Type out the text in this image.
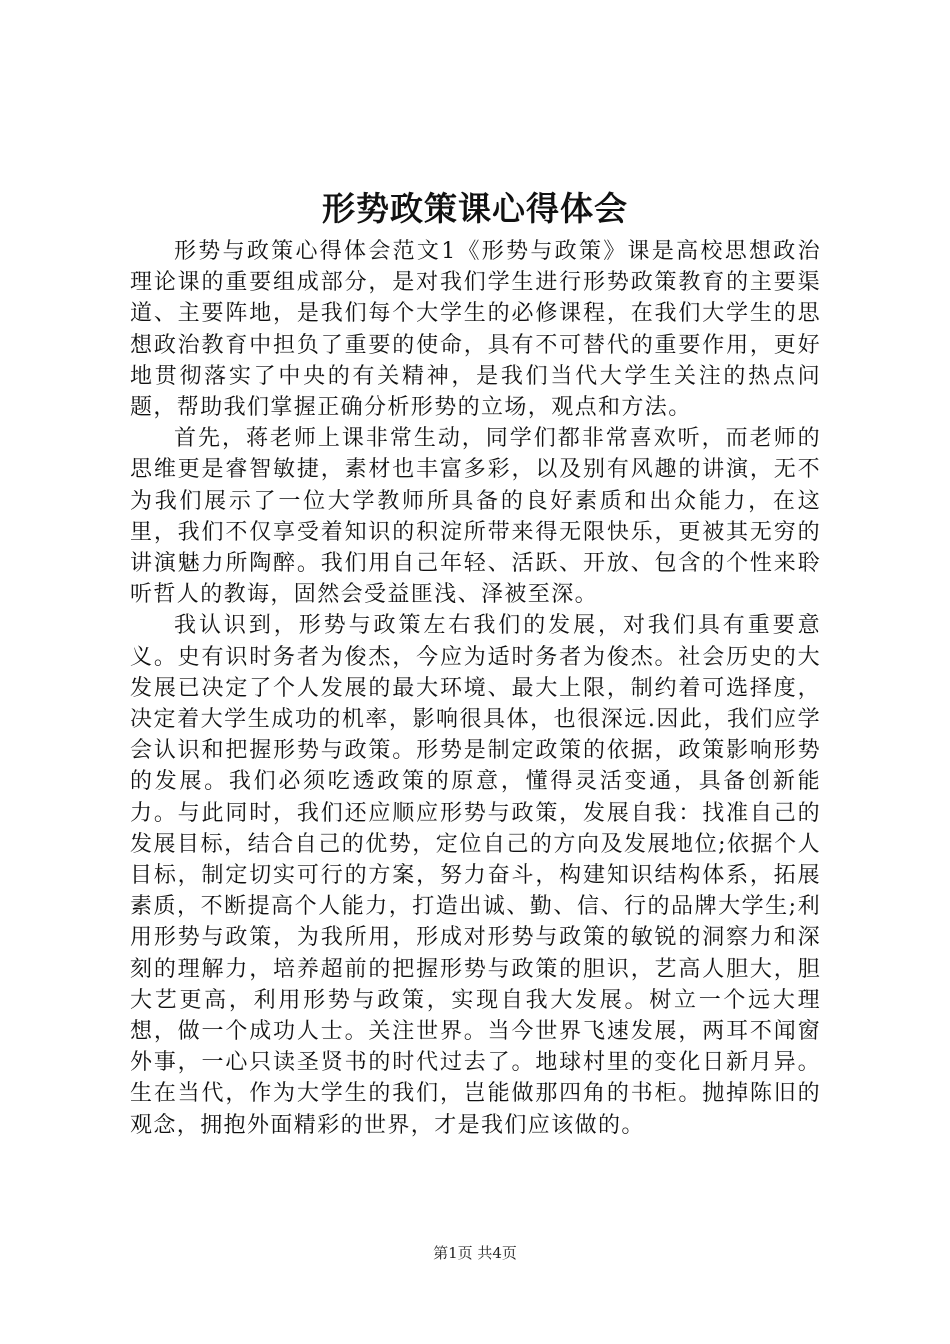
形势政策课心得体会

形势与政策心得体会范文1《形势与政策》课是高校思想政治理论课的重要组成部分，是对我们学生进行形势政策教育的主要渠道、主要阵地，是我们每个大学生的必修课程，在我们大学生的思想政治教育中担负了重要的使命，具有不可替代的重要作用，更好地贯彻落实了中央的有关精神，是我们当代大学生关注的热点问题，帮助我们掌握正确分析形势的立场，观点和方法。

首先，蒋老师上课非常生动，同学们都非常喜欢听，而老师的思维更是睿智敏捷，素材也丰富多彩，以及别有风趣的讲演，无不为我们展示了一位大学教师所具备的良好素质和出众能力，在这里，我们不仅享受着知识的积淀所带来得无限快乐，更被其无穷的讲演魅力所陶醉。我们用自己年轻、活跃、开放、包含的个性来聆听哲人的教诲，固然会受益匪浅、泽被至深。

我认识到，形势与政策左右我们的发展，对我们具有重要意义。史有识时务者为俊杰，今应为适时务者为俊杰。社会历史的大发展已决定了个人发展的最大环境、最大上限，制约着可选择度，决定着大学生成功的机率，影响很具体，也很深远.因此，我们应学会认识和把握形势与政策。形势是制定政策的依据，政策影响形势的发展。我们必须吃透政策的原意，懂得灵活变通，具备创新能力。与此同时，我们还应顺应形势与政策，发展自我：找准自己的发展目标，结合自己的优势，定位自己的方向及发展地位;依据个人目标，制定切实可行的方案，努力奋斗，构建知识结构体系，拓展素质，不断提高个人能力，打造出诚、勤、信、行的品牌大学生;利用形势与政策，为我所用，形成对形势与政策的敏锐的洞察力和深刻的理解力，培养超前的把握形势与政策的胆识，艺高人胆大，胆大艺更高，利用形势与政策，实现自我大发展。树立一个远大理想，做一个成功人士。关注世界。当今世界飞速发展，两耳不闻窗外事，一心只读圣贤书的时代过去了。地球村里的变化日新月异。生在当代，作为大学生的我们，岂能做那四角的书柜。抛掉陈旧的观念，拥抱外面精彩的世界，才是我们应该做的。

第1页 共4页
